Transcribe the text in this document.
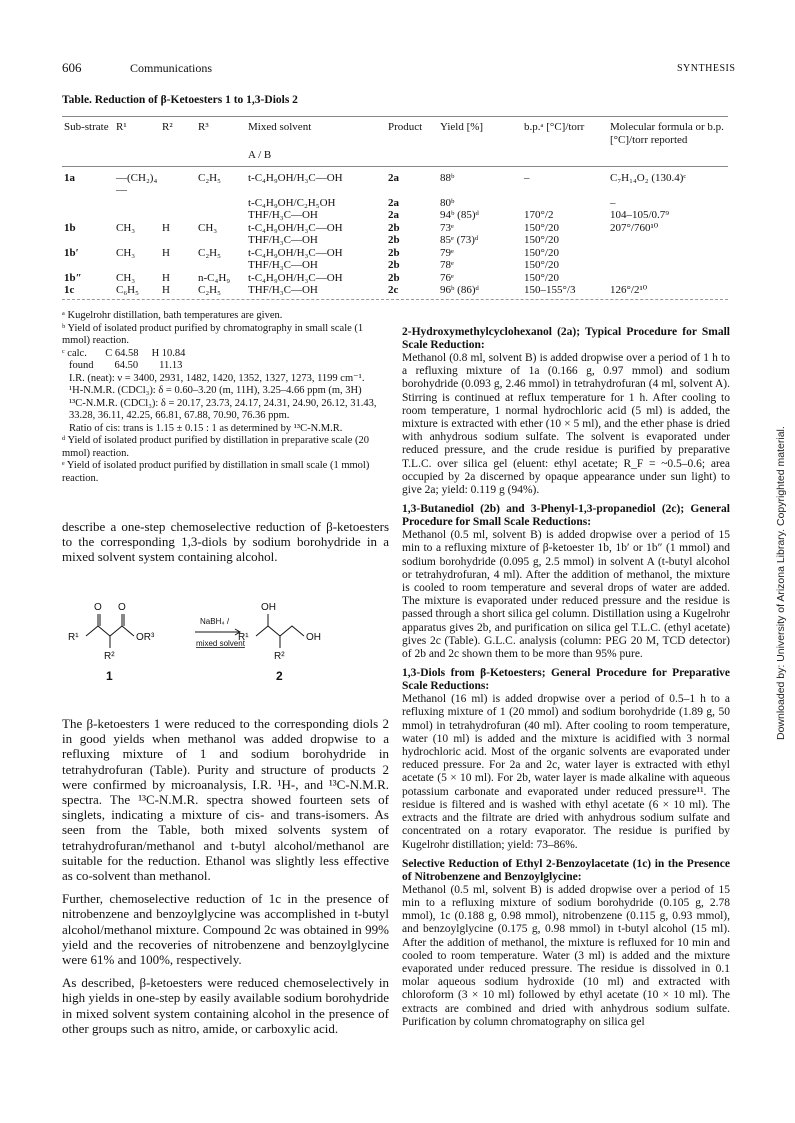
606	Communications	SYNTHESIS
Table. Reduction of β-Ketoesters 1 to 1,3-Diols 2
Sub-strate	R¹	R²	R³	Mixed solvent	Product	Yield [%]	b.p.ᵃ [°C]/torr	Molecular formula or b.p. [°C]/torr reported
				A / B				
1a	—(CH₂)₄—		C₂H₅	t-C₄H₉OH/H₃C—OH	2a	88ᵇ	–	C₇H₁₄O₂ (130.4)ᶜ
				t-C₄H₉OH/C₂H₅OH	2a	80ᵇ		–
				THF/H₃C—OH	2a	94ᵇ (85)ᵈ	170°/2	104–105/0.7⁹
1b	CH₃	H	CH₃	t-C₄H₉OH/H₃C—OH	2b	73ᵉ	150°/20	207°/760¹⁰
				THF/H₃C—OH	2b	85ᵉ (73)ᵈ	150°/20	
1b′	CH₃	H	C₂H₅	t-C₄H₉OH/H₃C—OH	2b	79ᵉ	150°/20	
				THF/H₃C—OH	2b	78ᵉ	150°/20	
1b″	CH₃	H	n-C₄H₉	t-C₄H₉OH/H₃C—OH	2b	76ᵉ	150°/20	
1c	C₆H₅	H	C₂H₅	THF/H₃C—OH	2c	96ᵇ (86)ᵈ	150–155°/3	126°/2¹⁰
ᵃ Kugelrohr distillation, bath temperatures are given.
ᵇ Yield of isolated product purified by chromatography in small scale (1 mmol) reaction.
ᶜ calc.       C 64.58     H 10.84
found        64.50        11.13
I.R. (neat): ν = 3400, 2931, 1482, 1420, 1352, 1327, 1273, 1199 cm⁻¹.
¹H-N.M.R. (CDCl₃): δ = 0.60–3.20 (m, 11H), 3.25–4.66 ppm (m, 3H)
¹³C-N.M.R. (CDCl₃): δ = 20.17, 23.73, 24.17, 24.31, 24.90, 26.12, 31.43, 33.28, 36.11, 42.25, 66.81, 67.88, 70.90, 76.36 ppm.
Ratio of cis: trans is 1.15 ± 0.15 : 1 as determined by ¹³C-N.M.R.
ᵈ Yield of isolated product purified by distillation in preparative scale (20 mmol) reaction.
ᵉ Yield of isolated product purified by distillation in small scale (1 mmol) reaction.

describe a one-step chemoselective reduction of β-ketoesters to the corresponding 1,3-diols by sodium borohydride in a mixed solvent system containing alcohol.

O O
R¹	OR³
R²
NaBH₄ /
mixed solvent
OH
OH
R¹
R²
1	2

The β-ketoesters 1 were reduced to the corresponding diols 2 in good yields when methanol was added dropwise to a refluxing mixture of 1 and sodium borohydride in tetrahydrofuran (Table). Purity and structure of products 2 were confirmed by microanalysis, I.R. ¹H-, and ¹³C-N.M.R. spectra. The ¹³C-N.M.R. spectra showed fourteen sets of singlets, indicating a mixture of cis- and trans-isomers. As seen from the Table, both mixed solvents system of tetrahydrofuran/methanol and t-butyl alcohol/methanol are suitable for the reduction. Ethanol was slightly less effective as co-solvent than methanol.

Further, chemoselective reduction of 1c in the presence of nitrobenzene and benzoylglycine was accomplished in t-butyl alcohol/methanol mixture. Compound 2c was obtained in 99% yield and the recoveries of nitrobenzene and benzoylglycine were 61% and 100%, respectively.

As described, β-ketoesters were reduced chemoselectively in high yields in one-step by easily available sodium borohydride in mixed solvent system containing alcohol in the presence of other groups such as nitro, amide, or carboxylic acid.

2-Hydroxymethylcyclohexanol (2a); Typical Procedure for Small Scale Reduction:

Methanol (0.8 ml, solvent B) is added dropwise over a period of 1 h to a refluxing mixture of 1a (0.166 g, 0.97 mmol) and sodium borohydride (0.093 g, 2.46 mmol) in tetrahydrofuran (4 ml, solvent A). Stirring is continued at reflux temperature for 1 h. After cooling to room temperature, 1 normal hydrochloric acid (5 ml) is added, the mixture is extracted with ether (10 × 5 ml), and the ether phase is dried with anhydrous sodium sulfate. The solvent is evaporated under reduced pressure, and the crude residue is purified by preparative T.L.C. over silica gel (eluent: ethyl acetate; R_F = ~0.5–0.6; area occupied by 2a discerned by opaque appearance under sun light) to give 2a; yield: 0.119 g (94%).

1,3-Butanediol (2b) and 3-Phenyl-1,3-propanediol (2c); General Procedure for Small Scale Reductions:

Methanol (0.5 ml, solvent B) is added dropwise over a period of 15 min to a refluxing mixture of β-ketoester 1b, 1b′ or 1b″ (1 mmol) and sodium borohydride (0.095 g, 2.5 mmol) in solvent A (t-butyl alcohol or tetrahydrofuran, 4 ml). After the addition of methanol, the mixture is cooled to room temperature and several drops of water are added. The mixture is evaporated under reduced pressure and the residue is passed through a short silica gel column. Distillation using a Kugelrohr apparatus gives 2b, and purification on silica gel T.L.C. (ethyl acetate) gives 2c (Table). G.L.C. analysis (column: PEG 20 M, TCD detector) of 2b and 2c shown them to be more than 95% pure.

1,3-Diols from β-Ketoesters; General Procedure for Preparative Scale Reductions:

Methanol (16 ml) is added dropwise over a period of 0.5–1 h to a refluxing mixture of 1 (20 mmol) and sodium borohydride (1.89 g, 50 mmol) in tetrahydrofuran (40 ml). After cooling to room temperature, water (10 ml) is added and the mixture is acidified with 3 normal hydrochloric acid. Most of the organic solvents are evaporated under reduced pressure. For 2a and 2c, water layer is extracted with ethyl acetate (5 × 10 ml). For 2b, water layer is made alkaline with aqueous potassium carbonate and evaporated under reduced pressure¹¹. The residue is filtered and is washed with ethyl acetate (6 × 10 ml). The extracts and the filtrate are dried with anhydrous sodium sulfate and concentrated on a rotary evaporator. The residue is purified by Kugelrohr distillation; yield: 73–86%.

Selective Reduction of Ethyl 2-Benzoylacetate (1c) in the Presence of Nitrobenzene and Benzoylglycine:

Methanol (0.5 ml, solvent B) is added dropwise over a period of 15 min to a refluxing mixture of sodium borohydride (0.105 g, 2.78 mmol), 1c (0.188 g, 0.98 mmol), nitrobenzene (0.115 g, 0.93 mmol), and benzoylglycine (0.175 g, 0.98 mmol) in t-butyl alcohol (15 ml). After the addition of methanol, the mixture is refluxed for 10 min and cooled to room temperature. Water (3 ml) is added and the mixture evaporated under reduced pressure. The residue is dissolved in 0.1 molar aqueous sodium hydroxide (10 ml) and extracted with chloroform (3 × 10 ml) followed by ethyl acetate (10 × 10 ml). The extracts are combined and dried with anhydrous sodium sulfate. Purification by column chromatography on silica gel

Downloaded by: University of Arizona Library. Copyrighted material.
